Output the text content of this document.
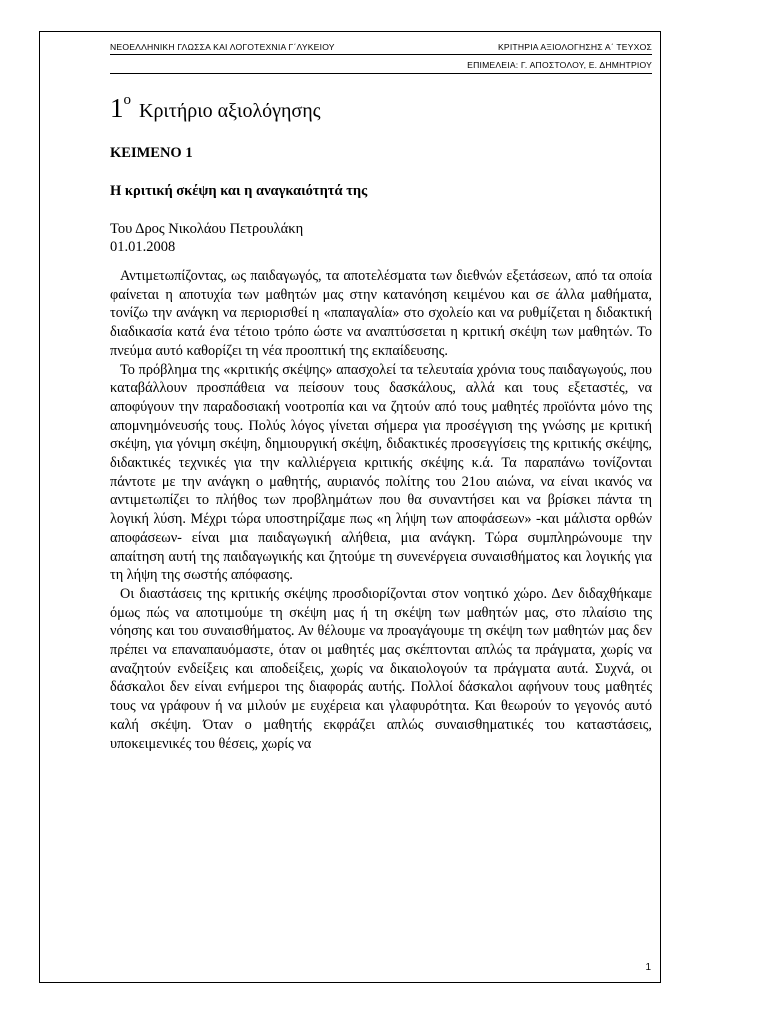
ΝΕΟΕΛΛΗΝΙΚΗ ΓΛΩΣΣΑ ΚΑΙ ΛΟΓΟΤΕΧΝΙΑ Γ΄ΛΥΚΕΙΟΥ	ΚΡΙΤΗΡΙΑ ΑΞΙΟΛΟΓΗΣΗΣ Α΄ ΤΕΥΧΟΣ
ΕΠΙΜΕΛΕΙΑ: Γ. ΑΠΟΣΤΟΛΟΥ, Ε. ΔΗΜΗΤΡΙΟΥ
1ο Κριτήριο αξιολόγησης
ΚΕΙΜΕΝΟ 1
Η κριτική σκέψη και η αναγκαιότητά της
Του Δρος Νικολάου Πετρουλάκη
01.01.2008

Αντιμετωπίζοντας, ως παιδαγωγός, τα αποτελέσματα των διεθνών εξετάσεων, από τα οποία φαίνεται η αποτυχία των μαθητών μας στην κατανόηση κειμένου και σε άλλα μαθήματα, τονίζω την ανάγκη να περιορισθεί η «παπαγαλία» στο σχολείο και να ρυθμίζεται η διδακτική διαδικασία κατά ένα τέτοιο τρόπο ώστε να αναπτύσσεται η κριτική σκέψη των μαθητών. Το πνεύμα αυτό καθορίζει τη νέα προοπτική της εκπαίδευσης.

Το πρόβλημα της «κριτικής σκέψης» απασχολεί τα τελευταία χρόνια τους παιδαγωγούς, που καταβάλλουν προσπάθεια να πείσουν τους δασκάλους, αλλά και τους εξεταστές, να αποφύγουν την παραδοσιακή νοοτροπία και να ζητούν από τους μαθητές προϊόντα μόνο της απομνημόνευσής τους. Πολύς λόγος γίνεται σήμερα για προσέγγιση της γνώσης με κριτική σκέψη, για γόνιμη σκέψη, δημιουργική σκέψη, διδακτικές προσεγγίσεις της κριτικής σκέψης, διδακτικές τεχνικές για την καλλιέργεια κριτικής σκέψης κ.ά. Τα παραπάνω τονίζονται πάντοτε με την ανάγκη ο μαθητής, αυριανός πολίτης του 21ου αιώνα, να είναι ικανός να αντιμετωπίζει το πλήθος των προβλημάτων που θα συναντήσει και να βρίσκει πάντα τη λογική λύση. Μέχρι τώρα υποστηρίζαμε πως «η λήψη των αποφάσεων» -και μάλιστα ορθών αποφάσεων- είναι μια παιδαγωγική αλήθεια, μια ανάγκη. Τώρα συμπληρώνουμε την απαίτηση αυτή της παιδαγωγικής και ζητούμε τη συνενέργεια συναισθήματος και λογικής για τη λήψη της σωστής απόφασης.

Οι διαστάσεις της κριτικής σκέψης προσδιορίζονται στον νοητικό χώρο. Δεν διδαχθήκαμε όμως πώς να αποτιμούμε τη σκέψη μας ή τη σκέψη των μαθητών μας, στο πλαίσιο της νόησης και του συναισθήματος. Αν θέλουμε να προαγάγουμε τη σκέψη των μαθητών μας δεν πρέπει να επαναπαυόμαστε, όταν οι μαθητές μας σκέπτονται απλώς τα πράγματα, χωρίς να αναζητούν ενδείξεις και αποδείξεις, χωρίς να δικαιολογούν τα πράγματα αυτά. Συχνά, οι δάσκαλοι δεν είναι ενήμεροι της διαφοράς αυτής. Πολλοί δάσκαλοι αφήνουν τους μαθητές τους να γράφουν ή να μιλούν με ευχέρεια και γλαφυρότητα. Και θεωρούν το γεγονός αυτό καλή σκέψη. Όταν ο μαθητής εκφράζει απλώς συναισθηματικές του καταστάσεις, υποκειμενικές του θέσεις, χωρίς να

1
